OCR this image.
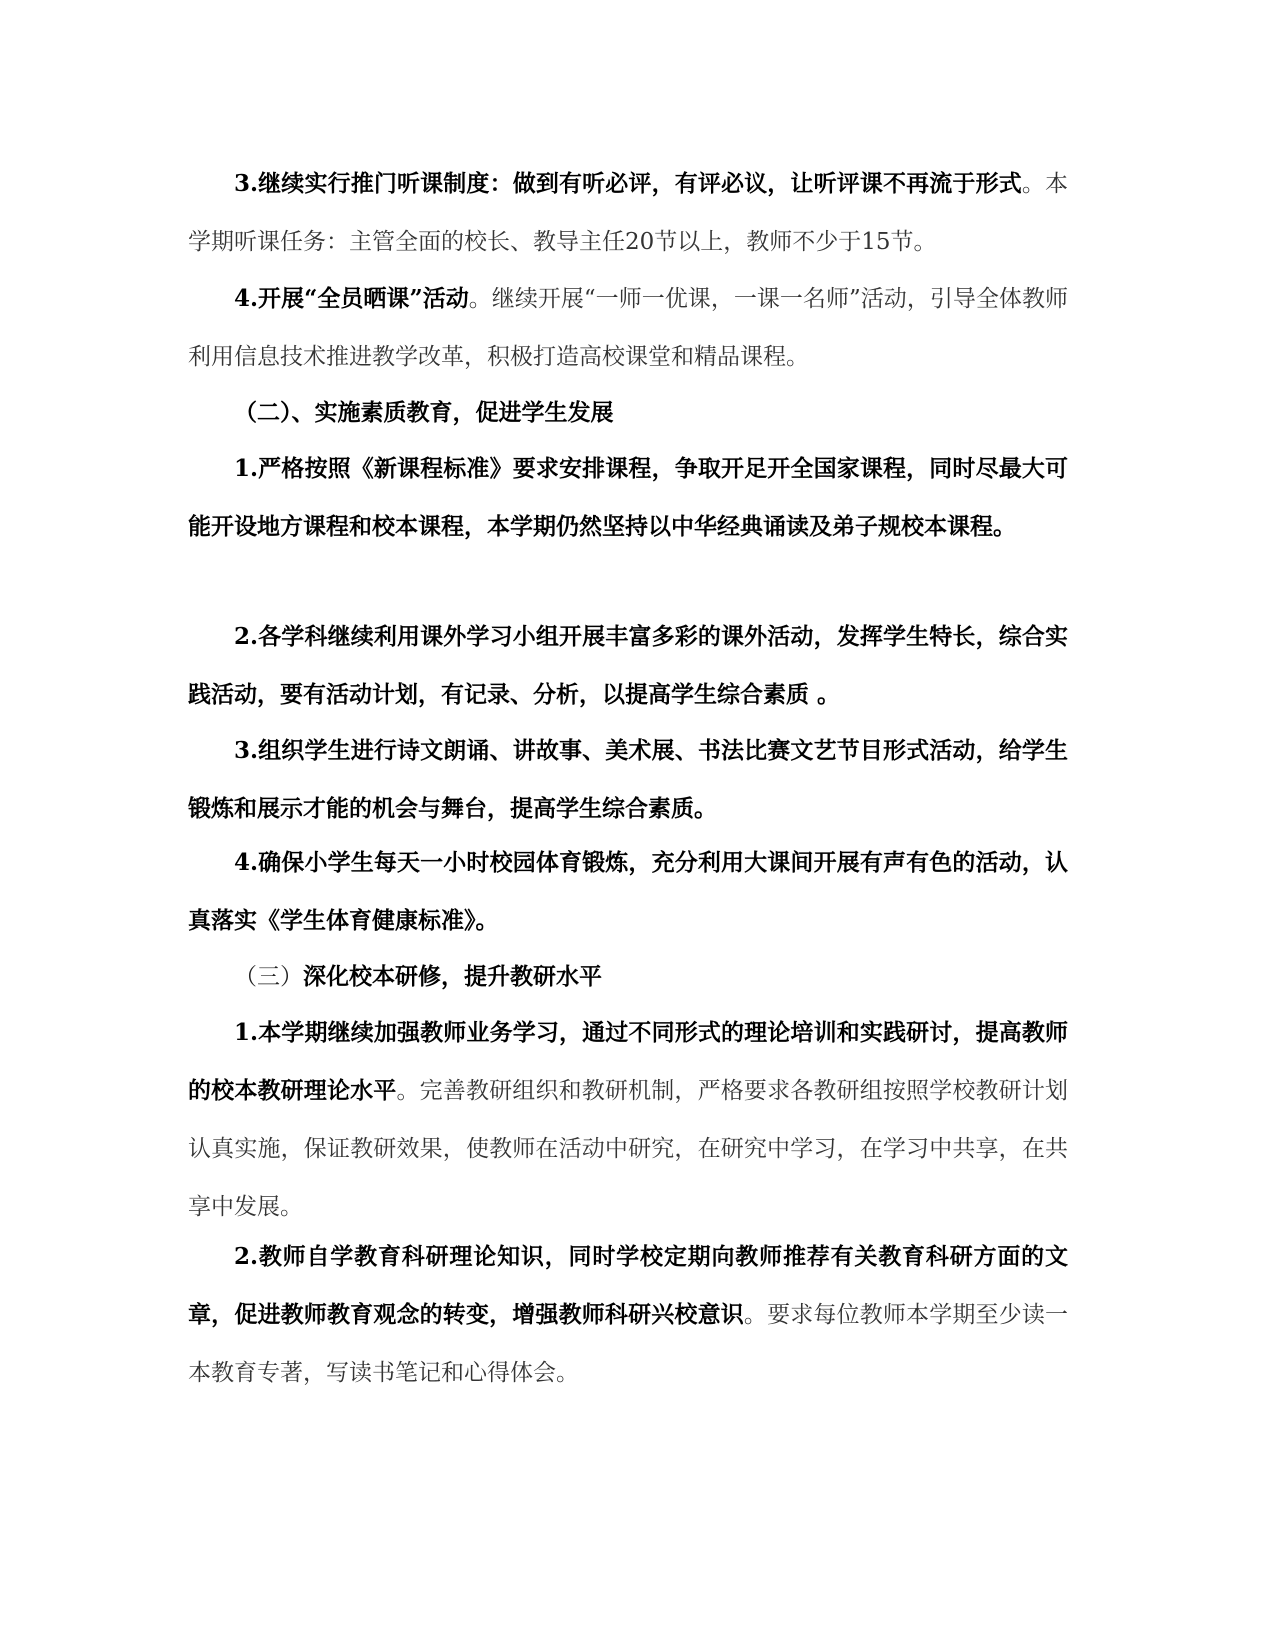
3.继续实行推门听课制度：做到有听必评，有评必议，让听评课不再流于形式。本学期听课任务：主管全面的校长、教导主任20节以上，教师不少于15节。
4.开展“全员晒课”活动。继续开展“一师一优课，一课一名师”活动，引导全体教师利用信息技术推进教学改革，积极打造高校课堂和精品课程。
（二）、实施素质教育，促进学生发展
1.严格按照《新课程标准》要求安排课程，争取开足开全国家课程，同时尽最大可能开设地方课程和校本课程，本学期仍然坚持以中华经典诵读及弟子规校本课程。
2.各学科继续利用课外学习小组开展丰富多彩的课外活动，发挥学生特长，综合实践活动，要有活动计划，有记录、分析，以提高学生综合素质 。
3.组织学生进行诗文朗诵、讲故事、美术展、书法比赛文艺节目形式活动，给学生锻炼和展示才能的机会与舞台，提高学生综合素质。
4.确保小学生每天一小时校园体育锻炼，充分利用大课间开展有声有色的活动，认真落实《学生体育健康标准》。
（三）深化校本研修，提升教研水平
1.本学期继续加强教师业务学习，通过不同形式的理论培训和实践研讨，提高教师的校本教研理论水平。完善教研组织和教研机制，严格要求各教研组按照学校教研计划认真实施，保证教研效果，使教师在活动中研究，在研究中学习，在学习中共享，在共享中发展。
2.教师自学教育科研理论知识，同时学校定期向教师推荐有关教育科研方面的文章，促进教师教育观念的转变，增强教师科研兴校意识。要求每位教师本学期至少读一本教育专著，写读书笔记和心得体会。
